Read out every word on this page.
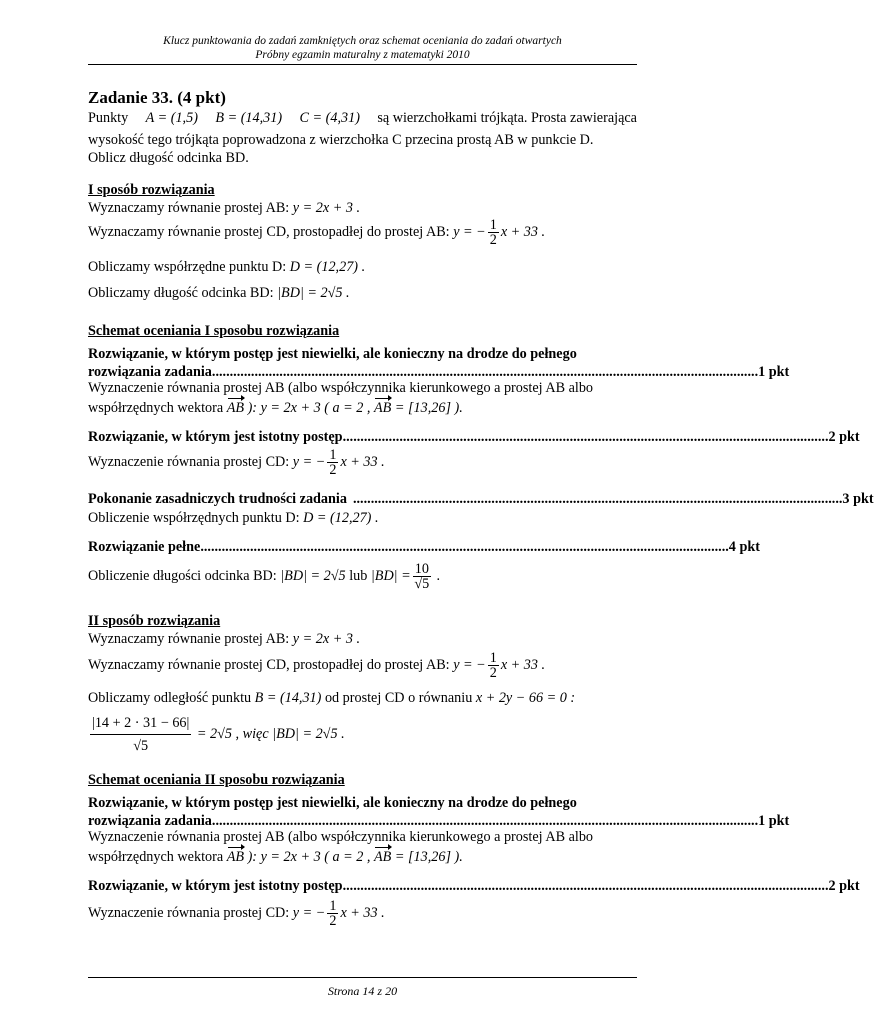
Klucz punktowania do zadań zamkniętych oraz schemat oceniania do zadań otwartych
Próbny egzamin maturalny z matematyki 2010
Zadanie 33. (4 pkt)
Punkty A = (1,5) B = (14,31) C = (4,31) są wierzchołkami trójkąta. Prosta zawierająca
wysokość tego trójkąta poprowadzona z wierzchołka C przecina prostą AB w punkcie D.
Oblicz długość odcinka BD.
I sposób rozwiązania
Wyznaczamy równanie prostej AB: y = 2x + 3 .
Wyznaczamy równanie prostej CD, prostopadłej do prostej AB: y = − $\frac{1}{2}$ x + 33 .
Obliczamy współrzędne punktu D: D = (12,27) .
Obliczamy długość odcinka BD: |BD| = 2√5 .
Schemat oceniania I sposobu rozwiązania
Rozwiązanie, w którym postęp jest niewielki, ale konieczny na drodze do pełnego
rozwiązania zadania .......................................................................................................................................................... 1 pkt
Wyznaczenie równania prostej AB (albo współczynnika kierunkowego a prostej AB albo
współrzędnych wektora AB ): y = 2x + 3 ( a = 2 , AB = [13,26] ).
Rozwiązanie, w którym jest istotny postęp ......................................................................................................................................... 2 pkt
Wyznaczenie równania prostej CD: y = − $\frac{1}{2}$ x + 33 .
Pokonanie zasadniczych trudności zadania .......................................................................................................................................... 3 pkt
Obliczenie współrzędnych punktu D: D = (12,27) .
Rozwiązanie pełne ..................................................................................................................................................... 4 pkt
Obliczenie długości odcinka BD: |BD| = 2√5 lub $|BD| = \frac{10}{√5}$ .
II sposób rozwiązania
Wyznaczamy równanie prostej AB: y = 2x + 3 .
Wyznaczamy równanie prostej CD, prostopadłej do prostej AB: y = − $\frac{1}{2}$ x + 33 .
Obliczamy odległość punktu B = (14,31) od prostej CD o równaniu x + 2y − 66 = 0 :
$\frac{|14 + 2 \cdot 31 - 66|}{√5} = 2√5$ , więc |BD| = 2√5 .
Schemat oceniania II sposobu rozwiązania
Rozwiązanie, w którym postęp jest niewielki, ale konieczny na drodze do pełnego
rozwiązania zadania .......................................................................................................................................................... 1 pkt
Wyznaczenie równania prostej AB (albo współczynnika kierunkowego a prostej AB albo
współrzędnych wektora AB ): y = 2x + 3 ( a = 2 , AB = [13,26] ).
Rozwiązanie, w którym jest istotny postęp ......................................................................................................................................... 2 pkt
Wyznaczenie równania prostej CD: y = − $\frac{1}{2}$ x + 33 .
Strona 14 z 20
